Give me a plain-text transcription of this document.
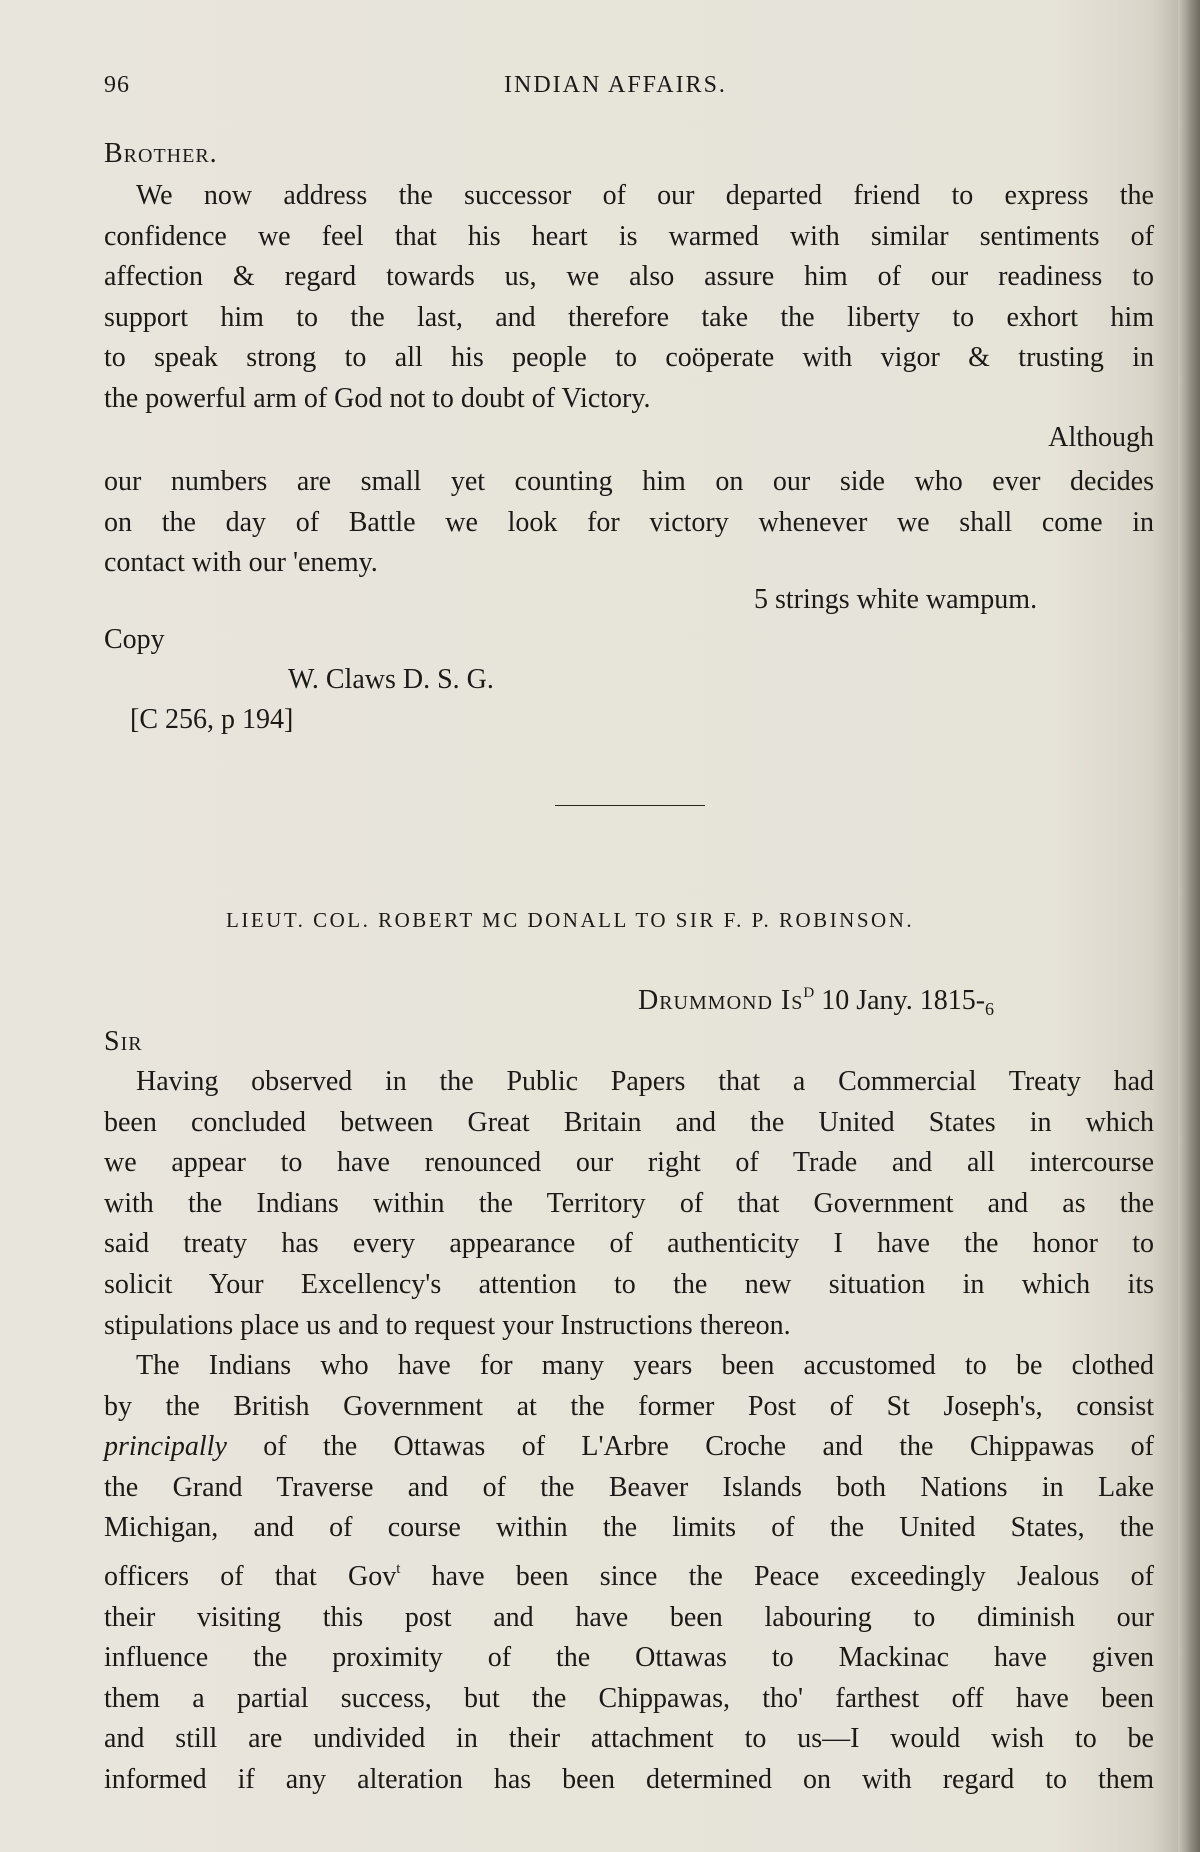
96	INDIAN AFFAIRS.
Brother.
We now address the successor of our departed friend to express the
confidence we feel that his heart is warmed with similar sentiments of
affection & regard towards us, we also assure him of our readiness to
support him to the last, and therefore take the liberty to exhort him
to speak strong to all his people to coöperate with vigor & trusting in
the powerful arm of God not to doubt of Victory.
Although
our numbers are small yet counting him on our side who ever decides
on the day of Battle we look for victory whenever we shall come in
contact with our 'enemy.
5 strings white wampum.
Copy
W. Claws D. S. G.
[C 256, p 194]
LIEUT. COL. ROBERT MC DONALL TO SIR F. P. ROBINSON.
Drummond $Is^D$ 10 Jany. $1815-_6$
Sir
Having observed in the Public Papers that a Commercial Treaty had
been concluded between Great Britain and the United States in which
we appear to have renounced our right of Trade and all intercourse
with the Indians within the Territory of that Government and as the
said treaty has every appearance of authenticity I have the honor to
solicit Your Excellency's attention to the new situation in which its
stipulations place us and to request your Instructions thereon.
The Indians who have for many years been accustomed to be clothed
by the British Government at the former Post of St Joseph's, consist
principally of the Ottawas of L'Arbre Croche and the Chippawas of
the Grand Traverse and of the Beaver Islands both Nations in Lake
Michigan, and of course within the limits of the United States, the
officers of that Gov$^t$ have been since the Peace exceedingly Jealous of
their visiting this post and have been labouring to diminish our
influence the proximity of the Ottawas to Mackinac have given
them a partial success, but the Chippawas, tho' farthest off have been
and still are undivided in their attachment to us—I would wish to be
informed if any alteration has been determined on with regard to them
